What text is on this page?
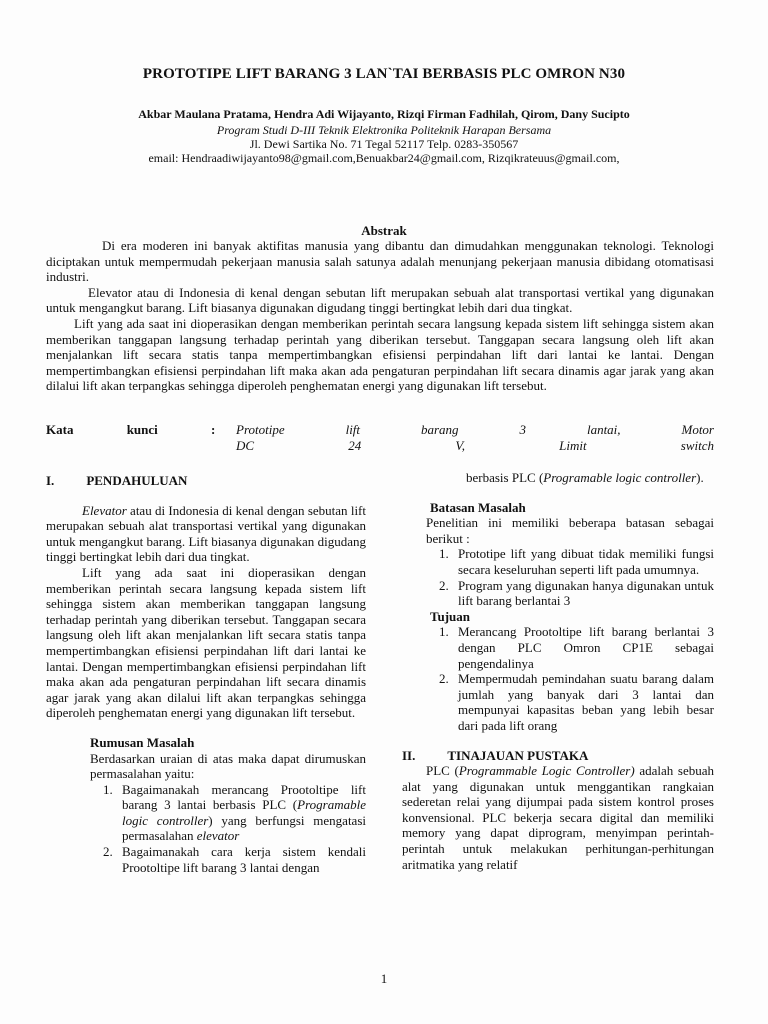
PROTOTIPE LIFT BARANG 3 LAN`TAI BERBASIS PLC OMRON N30
Akbar Maulana Pratama, Hendra Adi Wijayanto, Rizqi Firman Fadhilah, Qirom, Dany Sucipto
Program Studi D-III Teknik Elektronika Politeknik Harapan Bersama
Jl. Dewi Sartika No. 71 Tegal 52117 Telp. 0283-350567
email: Hendraadiwijayanto98@gmail.com,Benuakbar24@gmail.com, Rizqikrateuus@gmail.com,
Abstrak

Di era moderen ini banyak aktifitas manusia yang dibantu dan dimudahkan menggunakan teknologi. Teknologi diciptakan untuk mempermudah pekerjaan manusia salah satunya adalah menunjang pekerjaan manusia dibidang otomatisasi industri.

Elevator atau di Indonesia di kenal dengan sebutan lift merupakan sebuah alat transportasi vertikal yang digunakan untuk mengangkut barang. Lift biasanya digunakan digudang tinggi bertingkat lebih dari dua tingkat.

Lift yang ada saat ini dioperasikan dengan memberikan perintah secara langsung kepada sistem lift sehingga sistem akan memberikan tanggapan langsung terhadap perintah yang diberikan tersebut. Tanggapan secara langsung oleh lift akan menjalankan lift secara statis tanpa mempertimbangkan efisiensi perpindahan lift dari lantai ke lantai. Dengan mempertimbangkan efisiensi perpindahan lift maka akan ada pengaturan perpindahan lift secara dinamis agar jarak yang akan dilalui lift akan terpangkas sehingga diperoleh penghematan energi yang digunakan lift tersebut.

Kata kunci : Prototipe lift barang 3 lantai, Motor DC 24 V, Limit switch
I. PENDAHULUAN

Elevator atau di Indonesia di kenal dengan sebutan lift merupakan sebuah alat transportasi vertikal yang digunakan untuk mengangkut barang. Lift biasanya digunakan digudang tinggi bertingkat lebih dari dua tingkat.

Lift yang ada saat ini dioperasikan dengan memberikan perintah secara langsung kepada sistem lift sehingga sistem akan memberikan tanggapan langsung terhadap perintah yang diberikan tersebut. Tanggapan secara langsung oleh lift akan menjalankan lift secara statis tanpa mempertimbangkan efisiensi perpindahan lift dari lantai ke lantai. Dengan mempertimbangkan efisiensi perpindahan lift maka akan ada pengaturan perpindahan lift secara dinamis agar jarak yang akan dilalui lift akan terpangkas sehingga diperoleh penghematan energi yang digunakan lift tersebut.

Rumusan Masalah

Berdasarkan uraian di atas maka dapat dirumuskan permasalahan yaitu:

1. Bagaimanakah merancang Prootoltipe lift barang 3 lantai berbasis PLC (Programable logic controller) yang berfungsi mengatasi permasalahan elevator
2. Bagaimanakah cara kerja sistem kendali Prootoltipe lift barang 3 lantai dengan

berbasis PLC (Programable logic controller).

Batasan Masalah

Penelitian ini memiliki beberapa batasan sebagai berikut :

1. Prototipe lift yang dibuat tidak memiliki fungsi secara keseluruhan seperti lift pada umumnya.
2. Program yang digunakan hanya digunakan untuk lift barang berlantai 3

Tujuan

1. Merancang Prootoltipe lift barang berlantai 3 dengan PLC Omron CP1E sebagai pengendalinya
2. Mempermudah pemindahan suatu barang dalam jumlah yang banyak dari 3 lantai dan mempunyai kapasitas beban yang lebih besar dari pada lift orang
II. TINAJAUAN PUSTAKA

PLC (Programmable Logic Controller) adalah sebuah alat yang digunakan untuk menggantikan rangkaian sederetan relai yang dijumpai pada sistem kontrol proses konvensional. PLC bekerja secara digital dan memiliki memory yang dapat diprogram, menyimpan perintah-perintah untuk melakukan perhitungan-perhitungan aritmatika yang relatif

1
